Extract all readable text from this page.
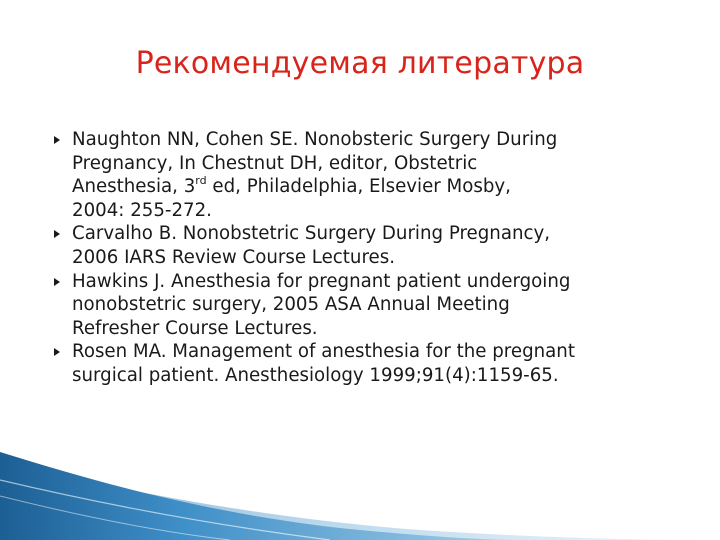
Рекомендуемая литература
Naughton NN, Cohen SE. Nonobsteric Surgery During
Pregnancy, In Chestnut DH, editor, Obstetric
Anesthesia, 3rd ed, Philadelphia, Elsevier Mosby,
2004: 255-272.
Carvalho B. Nonobstetric Surgery During Pregnancy,
2006 IARS Review Course Lectures.
Hawkins J. Anesthesia for pregnant patient undergoing
nonobstetric surgery, 2005 ASA Annual Meeting
Refresher Course Lectures.
Rosen MA. Management of anesthesia for the pregnant
surgical patient. Anesthesiology 1999;91(4):1159-65.
